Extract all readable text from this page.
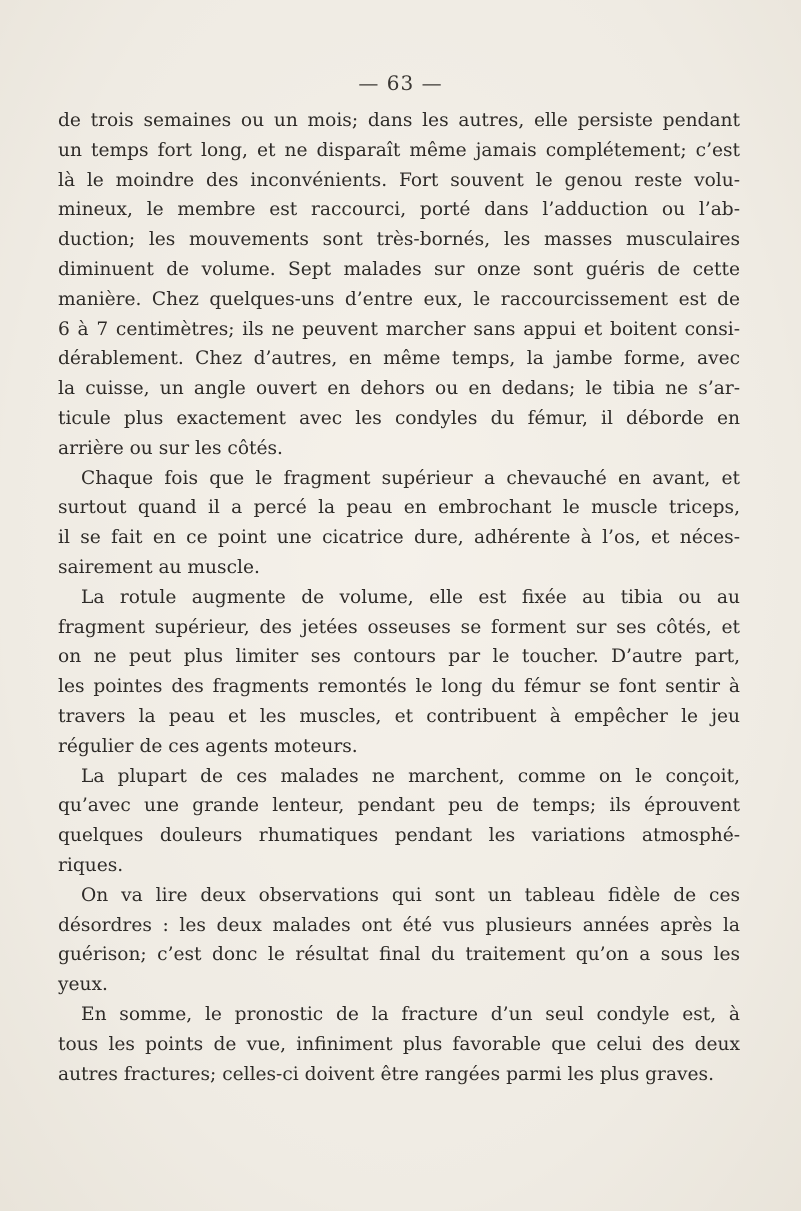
— 63 —
de trois semaines ou un mois; dans les autres, elle persiste pendant
un temps fort long, et ne disparaît même jamais complétement; c’est
là le moindre des inconvénients. Fort souvent le genou reste volu-
mineux, le membre est raccourci, porté dans l’adduction ou l’ab-
duction; les mouvements sont très-bornés, les masses musculaires
diminuent de volume. Sept malades sur onze sont guéris de cette
manière. Chez quelques-uns d’entre eux, le raccourcissement est de
6 à 7 centimètres; ils ne peuvent marcher sans appui et boitent consi-
dérablement. Chez d’autres, en même temps, la jambe forme, avec
la cuisse, un angle ouvert en dehors ou en dedans; le tibia ne s’ar-
ticule plus exactement avec les condyles du fémur, il déborde en
arrière ou sur les côtés.
Chaque fois que le fragment supérieur a chevauché en avant, et
surtout quand il a percé la peau en embrochant le muscle triceps,
il se fait en ce point une cicatrice dure, adhérente à l’os, et néces-
sairement au muscle.
La rotule augmente de volume, elle est fixée au tibia ou au
fragment supérieur, des jetées osseuses se forment sur ses côtés, et
on ne peut plus limiter ses contours par le toucher. D’autre part,
les pointes des fragments remontés le long du fémur se font sentir à
travers la peau et les muscles, et contribuent à empêcher le jeu
régulier de ces agents moteurs.
La plupart de ces malades ne marchent, comme on le conçoit,
qu’avec une grande lenteur, pendant peu de temps; ils éprouvent
quelques douleurs rhumatiques pendant les variations atmosphé-
riques.
On va lire deux observations qui sont un tableau fidèle de ces
désordres : les deux malades ont été vus plusieurs années après la
guérison; c’est donc le résultat final du traitement qu’on a sous les
yeux.
En somme, le pronostic de la fracture d’un seul condyle est, à
tous les points de vue, infiniment plus favorable que celui des deux
autres fractures; celles-ci doivent être rangées parmi les plus graves.
